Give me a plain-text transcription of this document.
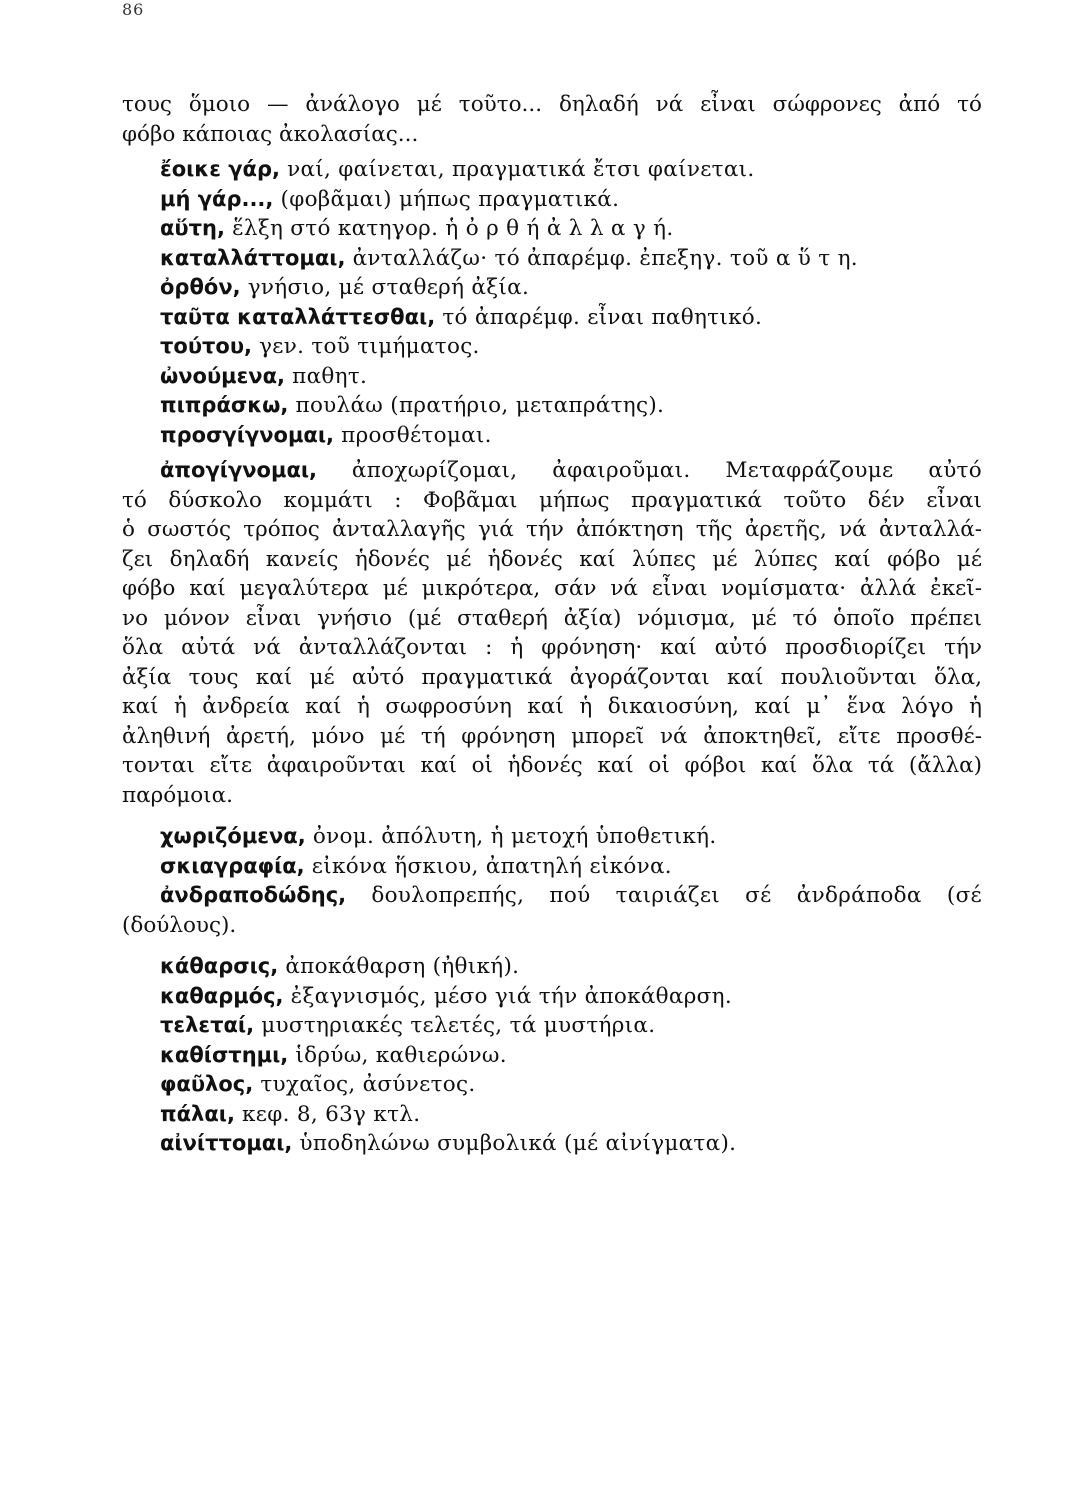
86
τους ὅμοιο — ἀνάλογο μέ τοῦτο... δηλαδή νά εἶναι σώφρονες ἀπό τό
φόβο κάποιας ἀκολασίας...
ἔοικε γάρ, ναί, φαίνεται, πραγματικά ἔτσι φαίνεται.
μή γάρ..., (φοβᾶμαι) μήπως πραγματικά.
αὕτη, ἕλξη στό κατηγορ. ἡ ὀ ρ θ ή ἀ λ λ α γ ή.
καταλλάττομαι, ἀνταλλάζω· τό ἀπαρέμφ. ἐπεξηγ. τοῦ α ὕ τ η.
ὀρθόν, γνήσιο, μέ σταθερή ἀξία.
ταῦτα καταλλάττεσθαι, τό ἀπαρέμφ. εἶναι παθητικό.
τούτου, γεν. τοῦ τιμήματος.
ὠνούμενα, παθητ.
πιπράσκω, πουλάω (πρατήριο, μεταπράτης).
προσγίγνομαι, προσθέτομαι.
ἀπογίγνομαι, ἀποχωρίζομαι, ἀφαιροῦμαι. Μεταφράζουμε αὐτό
τό δύσκολο κομμάτι : Φοβᾶμαι μήπως πραγματικά τοῦτο δέν εἶναι
ὁ σωστός τρόπος ἀνταλλαγῆς γιά τήν ἀπόκτηση τῆς ἀρετῆς, νά ἀνταλλά-
ζει δηλαδή κανείς ἡδονές μέ ἡδονές καί λύπες μέ λύπες καί φόβο μέ
φόβο καί μεγαλύτερα μέ μικρότερα, σάν νά εἶναι νομίσματα· ἀλλά ἐκεῖ-
νο μόνον εἶναι γνήσιο (μέ σταθερή ἀξία) νόμισμα, μέ τό ὁποῖο πρέπει
ὅλα αὐτά νά ἀνταλλάζονται : ἡ φρόνηση· καί αὐτό προσδιορίζει τήν
ἀξία τους καί μέ αὐτό πραγματικά ἀγοράζονται καί πουλιοῦνται ὅλα,
καί ἡ ἀνδρεία καί ἡ σωφροσύνη καί ἡ δικαιοσύνη, καί μ᾽ ἕνα λόγο ἡ
ἀληθινή ἀρετή, μόνο μέ τή φρόνηση μπορεῖ νά ἀποκτηθεῖ, εἴτε προσθέ-
τονται εἴτε ἀφαιροῦνται καί οἱ ἡδονές καί οἱ φόβοι καί ὅλα τά (ἄλλα)
παρόμοια.
χωριζόμενα, ὀνομ. ἀπόλυτη, ἡ μετοχή ὑποθετική.
σκιαγραφία, εἰκόνα ἥσκιου, ἀπατηλή εἰκόνα.
ἀνδραποδώδης, δουλοπρεπής, πού ταιριάζει σέ ἀνδράποδα (σέ
(δούλους).
κάθαρσις, ἀποκάθαρση (ἠθική).
καθαρμός, ἐξαγνισμός, μέσο γιά τήν ἀποκάθαρση.
τελεταί, μυστηριακές τελετές, τά μυστήρια.
καθίστημι, ἱδρύω, καθιερώνω.
φαῦλος, τυχαῖος, ἀσύνετος.
πάλαι, κεφ. 8, 63γ κτλ.
αἰνίττομαι, ὑποδηλώνω συμβολικά (μέ αἰνίγματα).
